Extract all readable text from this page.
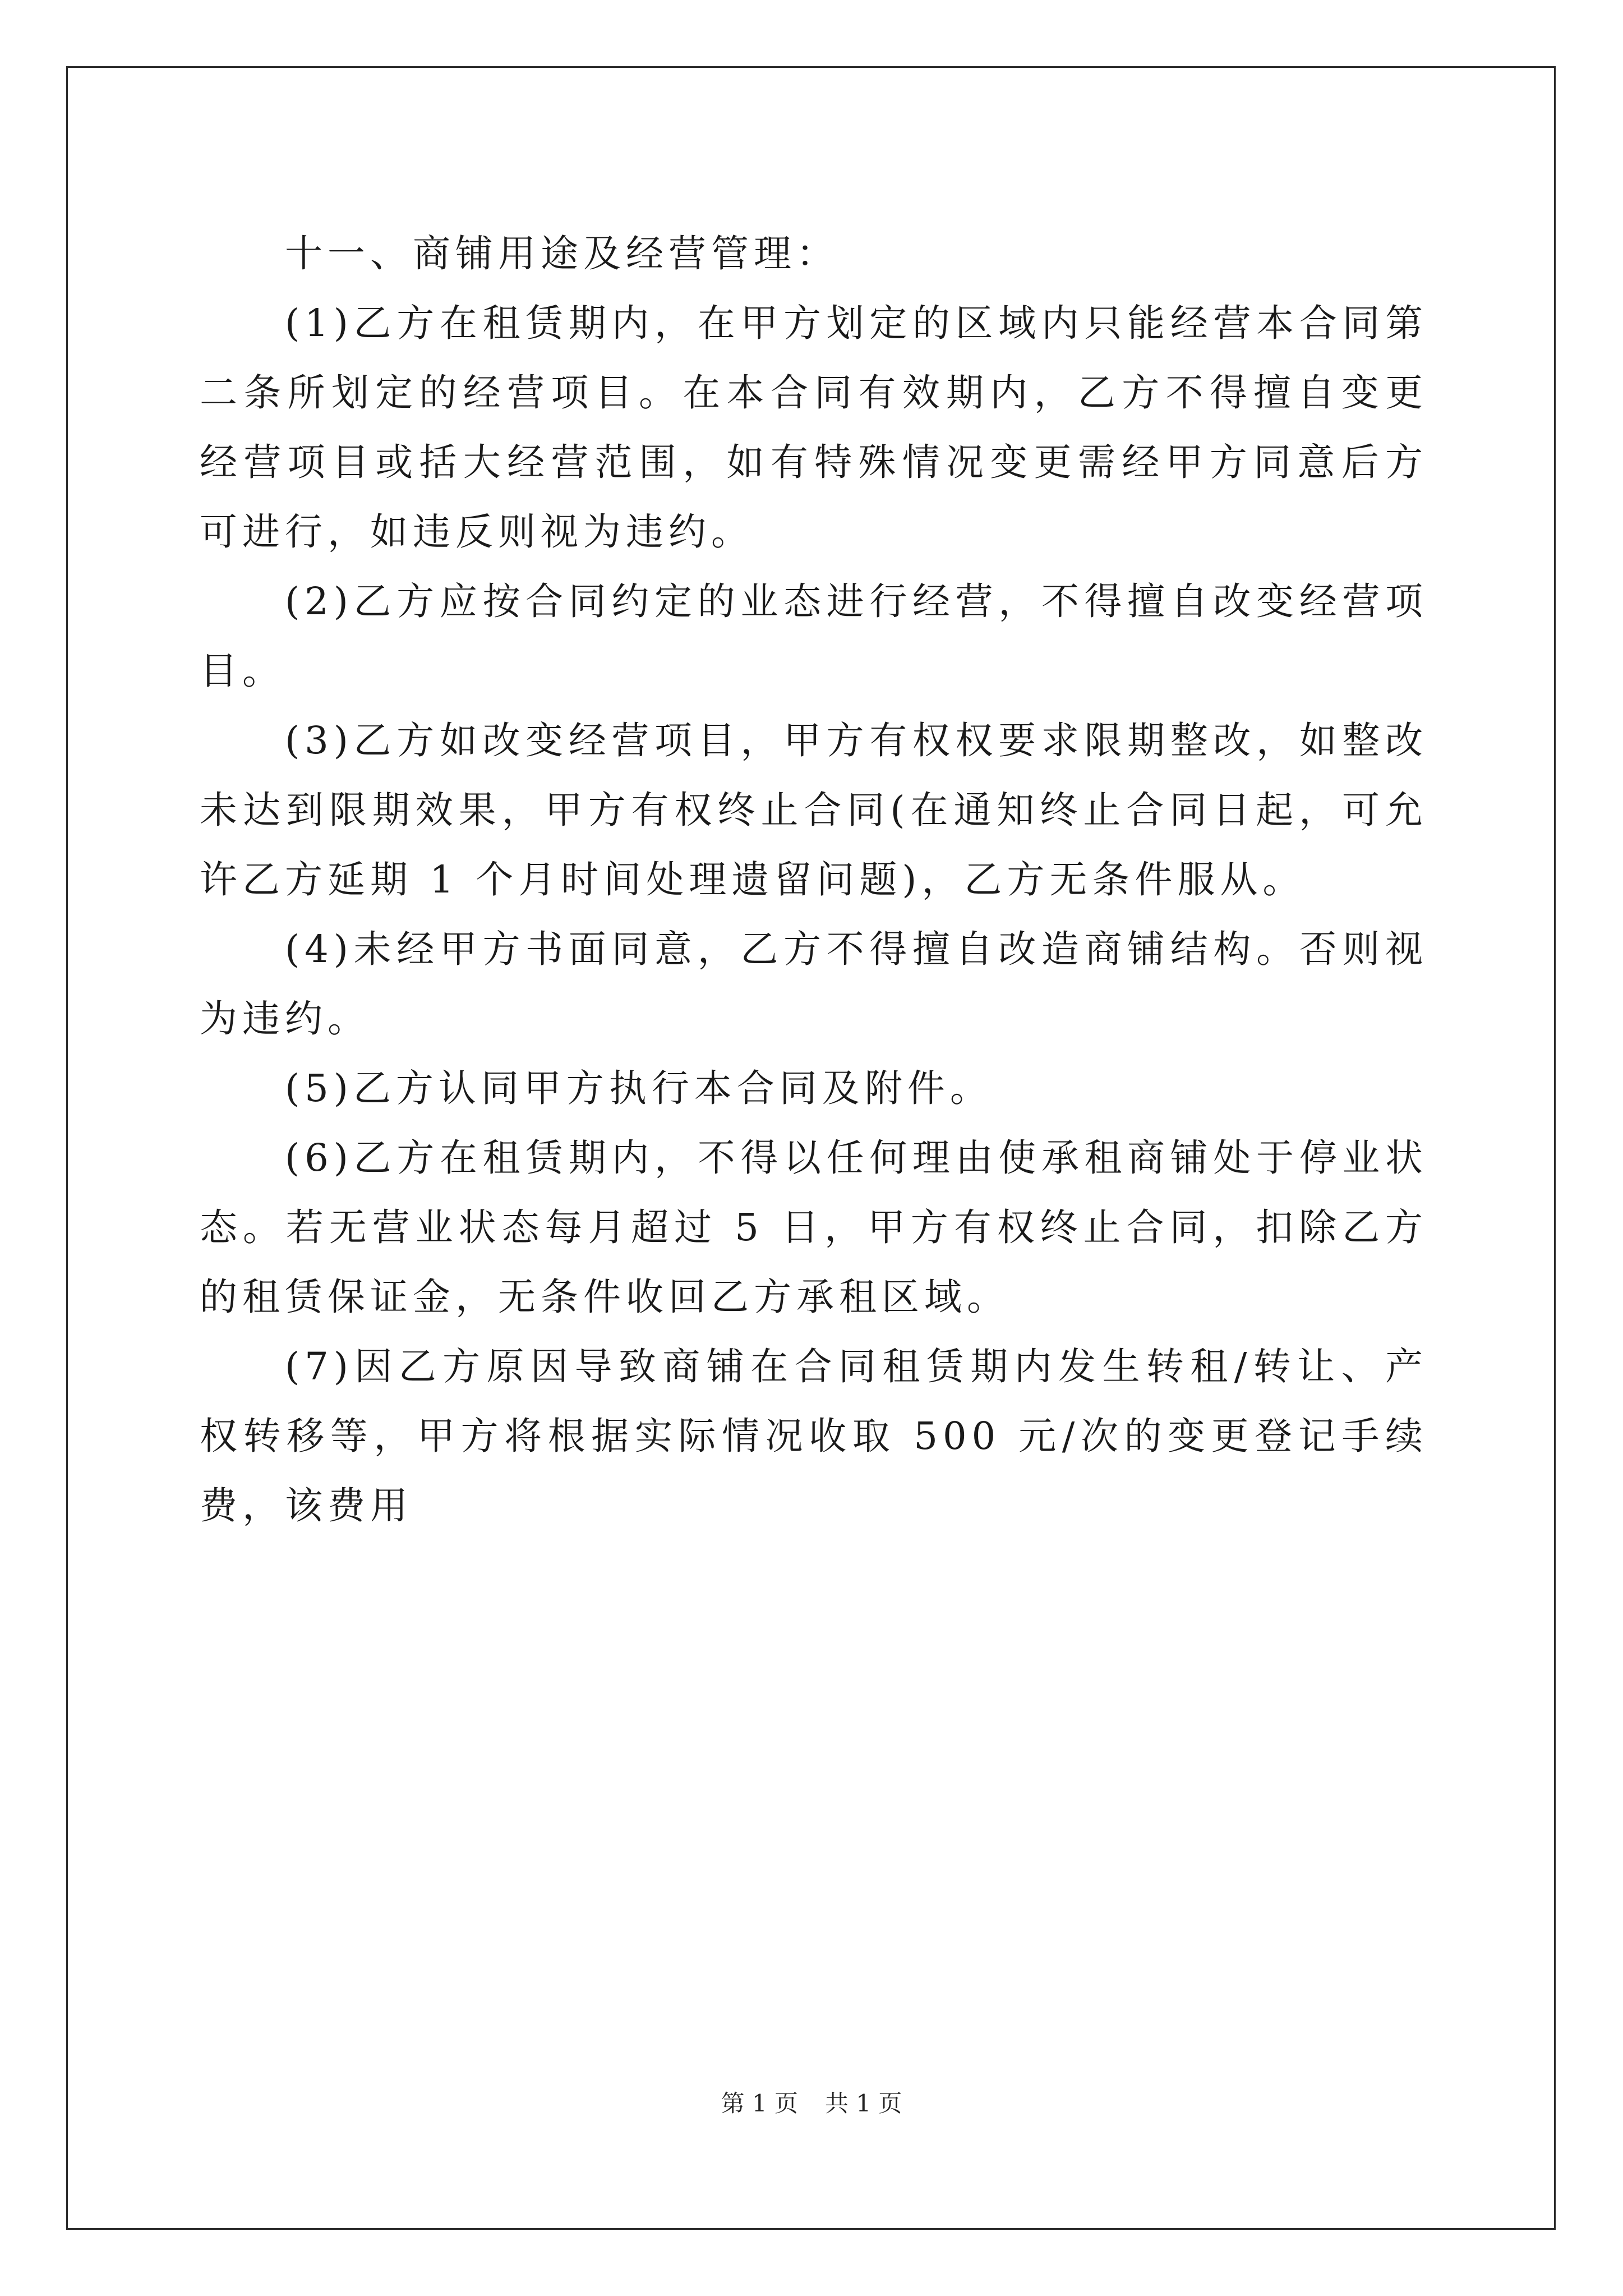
十一、商铺用途及经营管理：

(1)乙方在租赁期内，在甲方划定的区域内只能经营本合同第二条所划定的经营项目。在本合同有效期内，乙方不得擅自变更经营项目或括大经营范围，如有特殊情况变更需经甲方同意后方可进行，如违反则视为违约。

(2)乙方应按合同约定的业态进行经营，不得擅自改变经营项目。

(3)乙方如改变经营项目，甲方有权权要求限期整改，如整改未达到限期效果，甲方有权终止合同(在通知终止合同日起，可允许乙方延期 1 个月时间处理遗留问题)，乙方无条件服从。

(4)未经甲方书面同意，乙方不得擅自改造商铺结构。否则视为违约。

(5)乙方认同甲方执行本合同及附件。

(6)乙方在租赁期内，不得以任何理由使承租商铺处于停业状态。若无营业状态每月超过 5 日，甲方有权终止合同，扣除乙方的租赁保证金，无条件收回乙方承租区域。

(7)因乙方原因导致商铺在合同租赁期内发生转租/转让、产权转移等，甲方将根据实际情况收取 500 元/次的变更登记手续费，该费用

第 1 页 共 1 页
